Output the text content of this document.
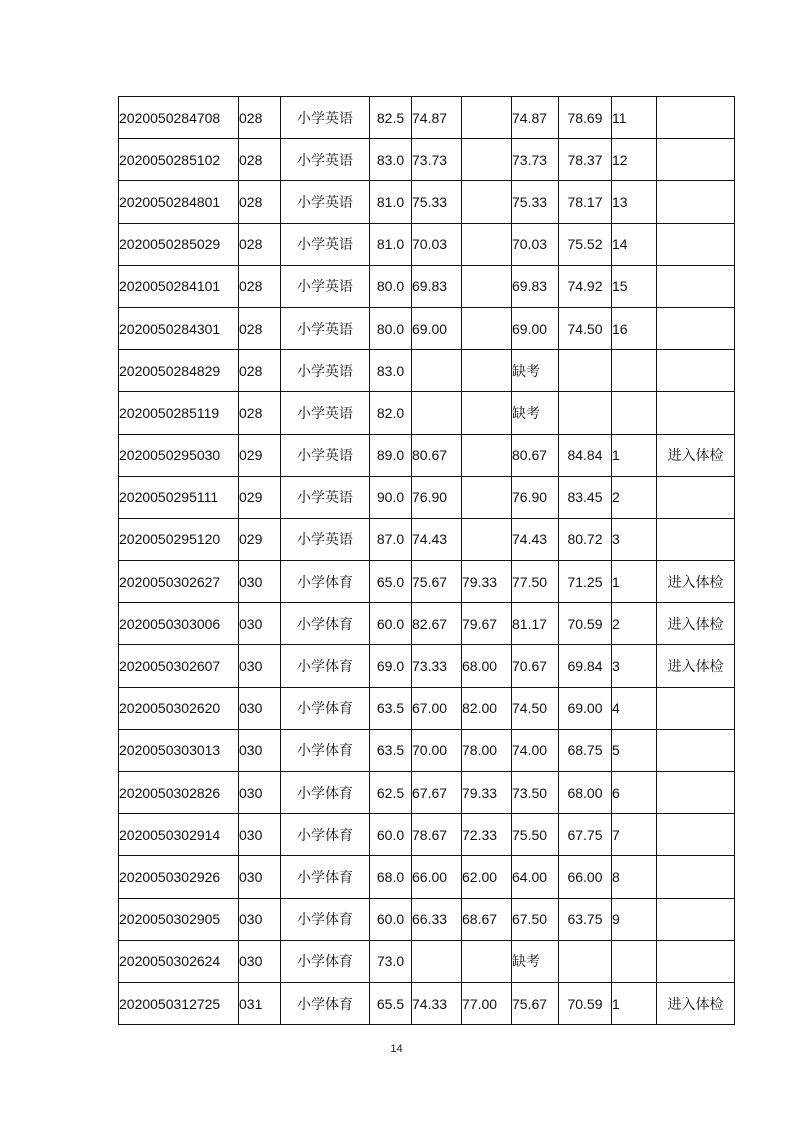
2020050284708	028	小学英语	82.5	74.87		74.87	78.69	11	
2020050285102	028	小学英语	83.0	73.73		73.73	78.37	12	
2020050284801	028	小学英语	81.0	75.33		75.33	78.17	13	
2020050285029	028	小学英语	81.0	70.03		70.03	75.52	14	
2020050284101	028	小学英语	80.0	69.83		69.83	74.92	15	
2020050284301	028	小学英语	80.0	69.00		69.00	74.50	16	
2020050284829	028	小学英语	83.0			缺考			
2020050285119	028	小学英语	82.0			缺考			
2020050295030	029	小学英语	89.0	80.67		80.67	84.84	1	进入体检
2020050295111	029	小学英语	90.0	76.90		76.90	83.45	2	
2020050295120	029	小学英语	87.0	74.43		74.43	80.72	3	
2020050302627	030	小学体育	65.0	75.67	79.33	77.50	71.25	1	进入体检
2020050303006	030	小学体育	60.0	82.67	79.67	81.17	70.59	2	进入体检
2020050302607	030	小学体育	69.0	73.33	68.00	70.67	69.84	3	进入体检
2020050302620	030	小学体育	63.5	67.00	82.00	74.50	69.00	4	
2020050303013	030	小学体育	63.5	70.00	78.00	74.00	68.75	5	
2020050302826	030	小学体育	62.5	67.67	79.33	73.50	68.00	6	
2020050302914	030	小学体育	60.0	78.67	72.33	75.50	67.75	7	
2020050302926	030	小学体育	68.0	66.00	62.00	64.00	66.00	8	
2020050302905	030	小学体育	60.0	66.33	68.67	67.50	63.75	9	
2020050302624	030	小学体育	73.0			缺考			
2020050312725	031	小学体育	65.5	74.33	77.00	75.67	70.59	1	进入体检
14
